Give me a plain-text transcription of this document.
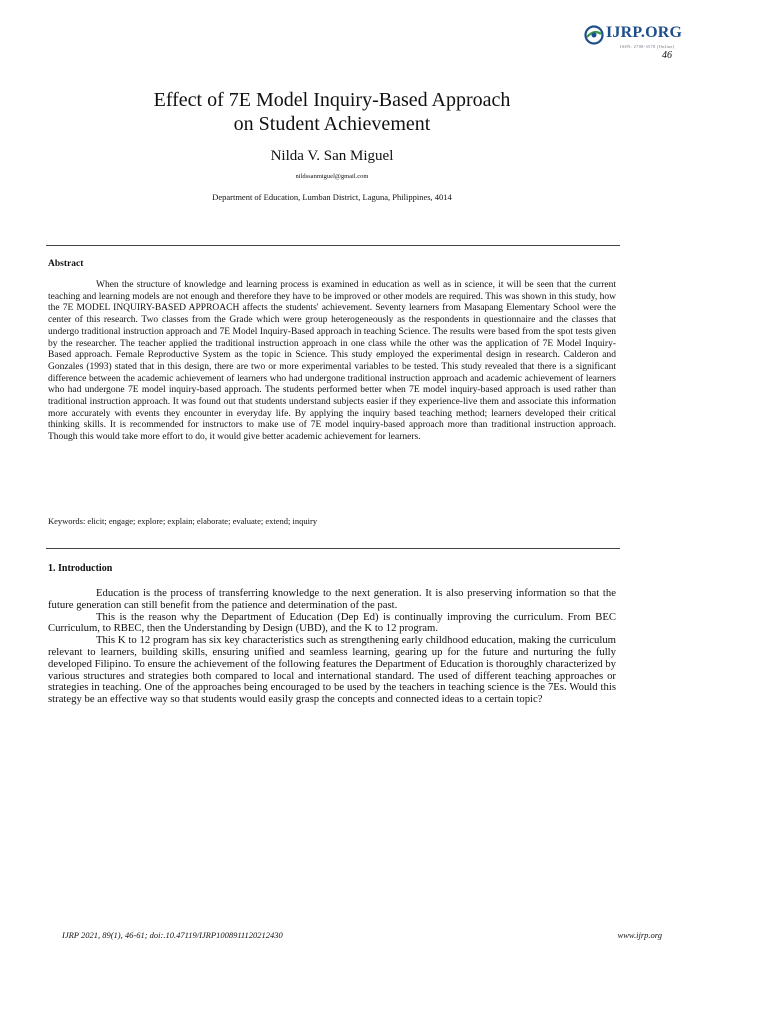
IJRP.ORG
ISSN: 2708-3578 (Online)
46
Effect of 7E Model Inquiry-Based Approach
on Student Achievement
Nilda V. San Miguel
nildssanmiguel@gmail.com
Department of Education, Lumban District, Laguna, Philippines, 4014
Abstract

When the structure of knowledge and learning process is examined in education as well as in science, it will be seen that the current teaching and learning models are not enough and therefore they have to be improved or other models are required. This was shown in this study, how the 7E MODEL INQUIRY-BASED APPROACH affects the students' achievement. Seventy learners from Masapang Elementary School were the center of this research. Two classes from the Grade which were group heterogeneously as the respondents in questionnaire and the classes that undergo traditional instruction approach and 7E Model Inquiry-Based approach in teaching Science. The results were based from the spot tests given by the researcher. The teacher applied the traditional instruction approach in one class while the other was the application of 7E Model Inquiry-Based approach. Female Reproductive System as the topic in Science. This study employed the experimental design in research. Calderon and Gonzales (1993) stated that in this design, there are two or more experimental variables to be tested. This study revealed that there is a significant difference between the academic achievement of learners who had undergone traditional instruction approach and academic achievement of learners who had undergone 7E model inquiry-based approach. The students performed better when 7E model inquiry-based approach is used rather than traditional instruction approach. It was found out that students understand subjects easier if they experience-live them and associate this information more accurately with events they encounter in everyday life. By applying the inquiry based teaching method; learners developed their critical thinking skills. It is recommended for instructors to make use of 7E model inquiry-based approach more than traditional instruction approach. Though this would take more effort to do, it would give better academic achievement for learners.

Keywords: elicit; engage; explore; explain; elaborate; evaluate; extend; inquiry
1. Introduction

Education is the process of transferring knowledge to the next generation. It is also preserving information so that the future generation can still benefit from the patience and determination of the past.

This is the reason why the Department of Education (Dep Ed) is continually improving the curriculum. From BEC Curriculum, to RBEC, then the Understanding by Design (UBD), and the K to 12 program.

This K to 12 program has six key characteristics such as strengthening early childhood education, making the curriculum relevant to learners, building skills, ensuring unified and seamless learning, gearing up for the future and nurturing the fully developed Filipino. To ensure the achievement of the following features the Department of Education is thoroughly characterized by various structures and strategies both compared to local and international standard. The used of different teaching approaches or strategies in teaching. One of the approaches being encouraged to be used by the teachers in teaching science is the 7Es. Would this strategy be an effective way so that students would easily grasp the concepts and connected ideas to a certain topic?

IJRP 2021, 89(1), 46-61; doi:.10.47119/IJRP1008911120212430	www.ijrp.org
